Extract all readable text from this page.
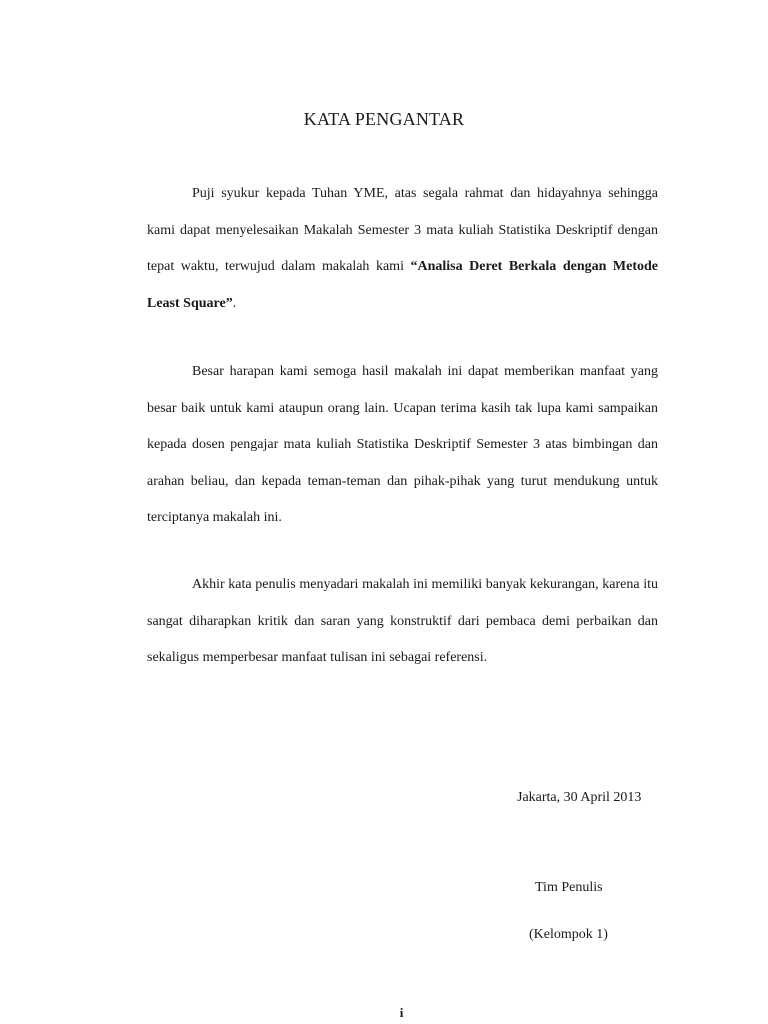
KATA PENGANTAR

Puji syukur kepada Tuhan YME, atas segala rahmat dan hidayahnya sehingga kami dapat menyelesaikan Makalah Semester 3 mata kuliah Statistika Deskriptif dengan tepat waktu, terwujud dalam makalah kami “Analisa Deret Berkala dengan Metode Least Square”.

Besar harapan kami semoga hasil makalah ini dapat memberikan manfaat yang besar baik untuk kami ataupun orang lain. Ucapan terima kasih tak lupa kami sampaikan kepada dosen pengajar mata kuliah Statistika Deskriptif Semester 3 atas bimbingan dan arahan beliau, dan kepada teman-teman dan pihak-pihak yang turut mendukung untuk terciptanya makalah ini.

Akhir kata penulis menyadari makalah ini memiliki banyak kekurangan, karena itu sangat diharapkan kritik dan saran yang konstruktif dari pembaca demi perbaikan dan sekaligus memperbesar manfaat tulisan ini sebagai referensi.

Jakarta, 30 April 2013
Tim Penulis
(Kelompok 1)
i
